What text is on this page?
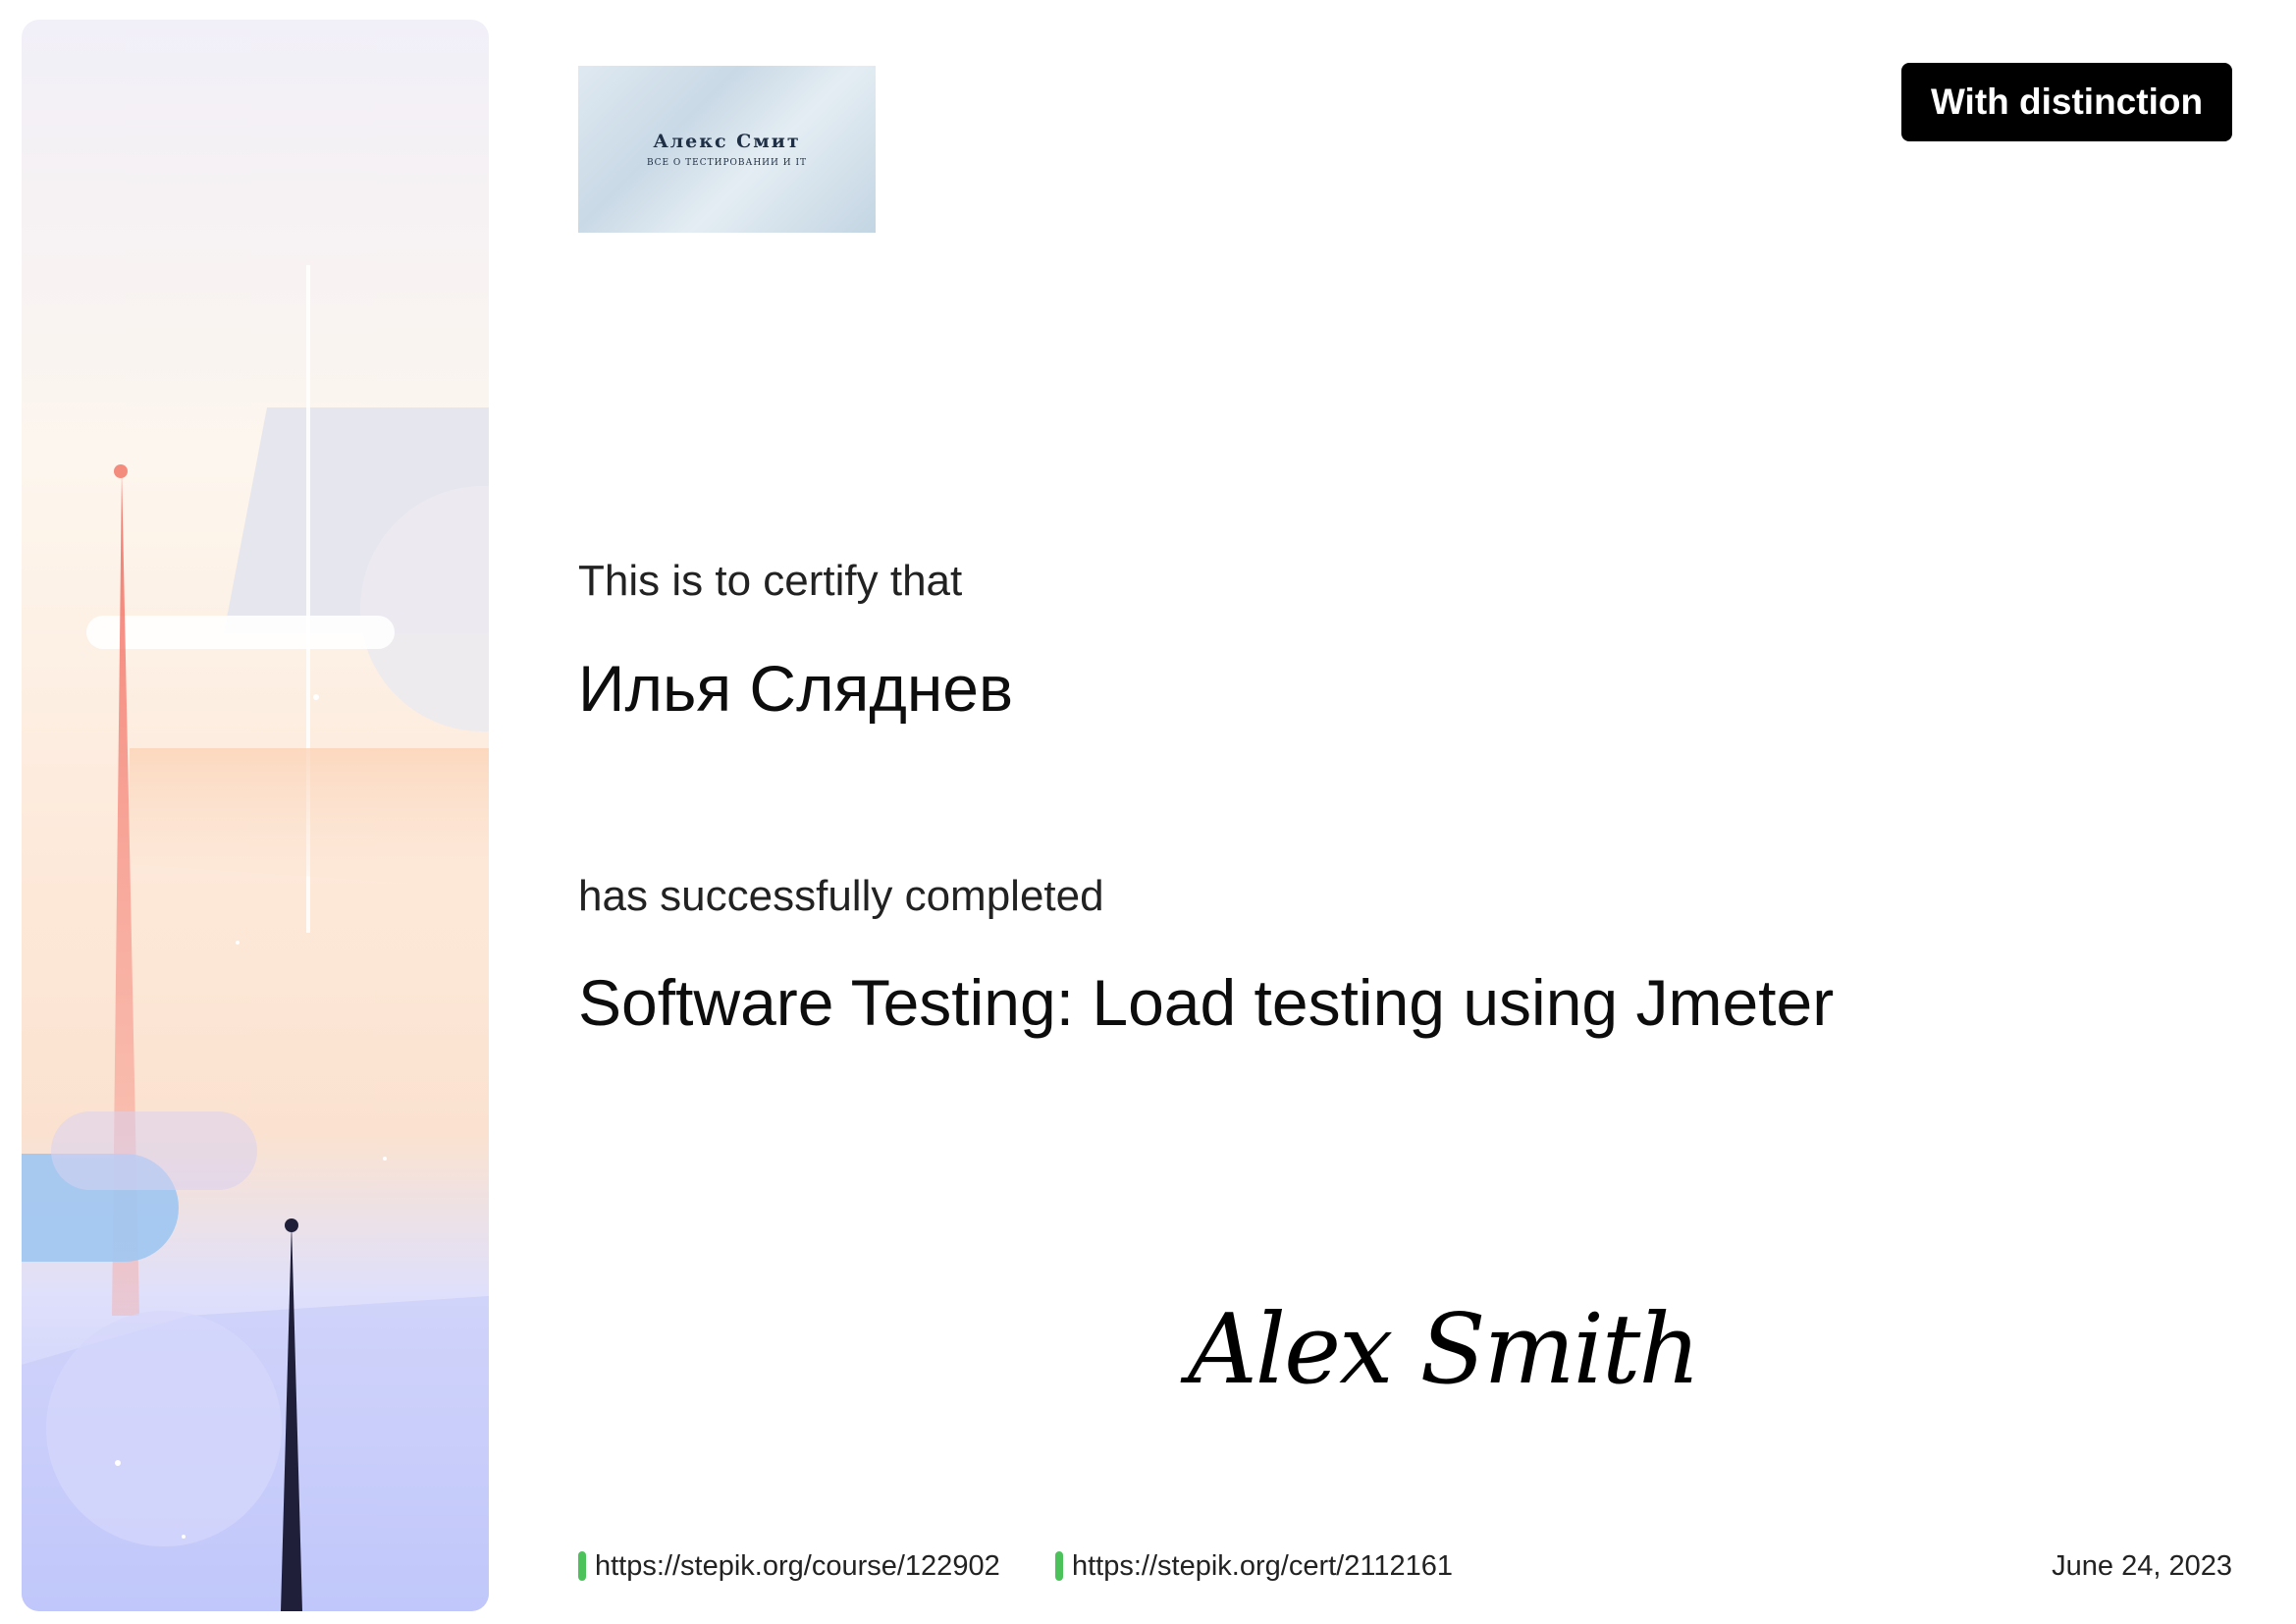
Алекс Смит
ВСЕ О ТЕСТИРОВАНИИ И IT
With distinction
This is to certify that
Илья Сляднев
has successfully completed
Software Testing: Load testing using Jmeter
Alex Smith
https://stepik.org/course/122902	https://stepik.org/cert/2112161	June 24, 2023
